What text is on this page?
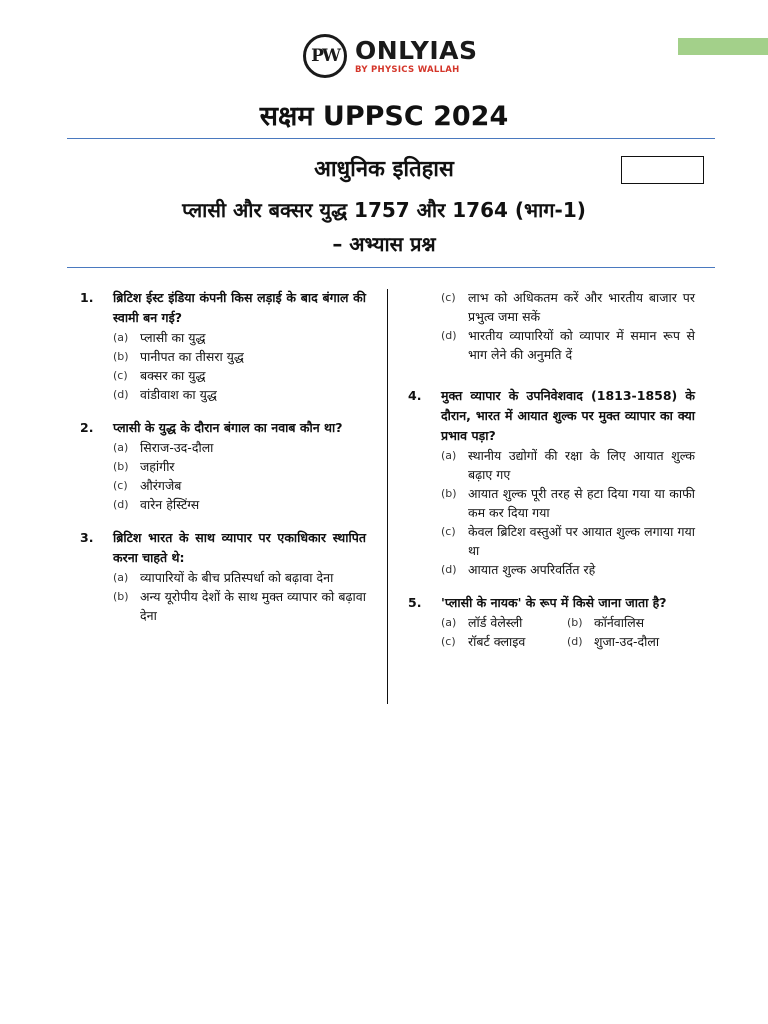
PW ONLYIAS
BY PHYSICS WALLAH
सक्षम UPPSC 2024
आधुनिक इतिहास
प्लासी और बक्सर युद्ध 1757 और 1764 (भाग-1)
– अभ्यास प्रश्न
1. ब्रिटिश ईस्ट इंडिया कंपनी किस लड़ाई के बाद बंगाल की स्वामी बन गई?
(a) प्लासी का युद्ध
(b) पानीपत का तीसरा युद्ध
(c) बक्सर का युद्ध
(d) वांडीवाश का युद्ध
2. प्लासी के युद्ध के दौरान बंगाल का नवाब कौन था?
(a) सिराज-उद-दौला
(b) जहांगीर
(c) औरंगजेब
(d) वारेन हेस्टिंग्स
3. ब्रिटिश भारत के साथ व्यापार पर एकाधिकार स्थापित करना चाहते थे:
(a) व्यापारियों के बीच प्रतिस्पर्धा को बढ़ावा देना
(b) अन्य यूरोपीय देशों के साथ मुक्त व्यापार को बढ़ावा देना
(c) लाभ को अधिकतम करें और भारतीय बाजार पर प्रभुत्व जमा सकें
(d) भारतीय व्यापारियों को व्यापार में समान रूप से भाग लेने की अनुमति दें
4. मुक्त व्यापार के उपनिवेशवाद (1813-1858) के दौरान, भारत में आयात शुल्क पर मुक्त व्यापार का क्या प्रभाव पड़ा?
(a) स्थानीय उद्योगों की रक्षा के लिए आयात शुल्क बढ़ाए गए
(b) आयात शुल्क पूरी तरह से हटा दिया गया या काफी कम कर दिया गया
(c) केवल ब्रिटिश वस्तुओं पर आयात शुल्क लगाया गया था
(d) आयात शुल्क अपरिवर्तित रहे
5. 'प्लासी के नायक' के रूप में किसे जाना जाता है?
(a) लॉर्ड वेलेस्ली	(b) कॉर्नवालिस
(c) रॉबर्ट क्लाइव	(d) शुजा-उद-दौला
